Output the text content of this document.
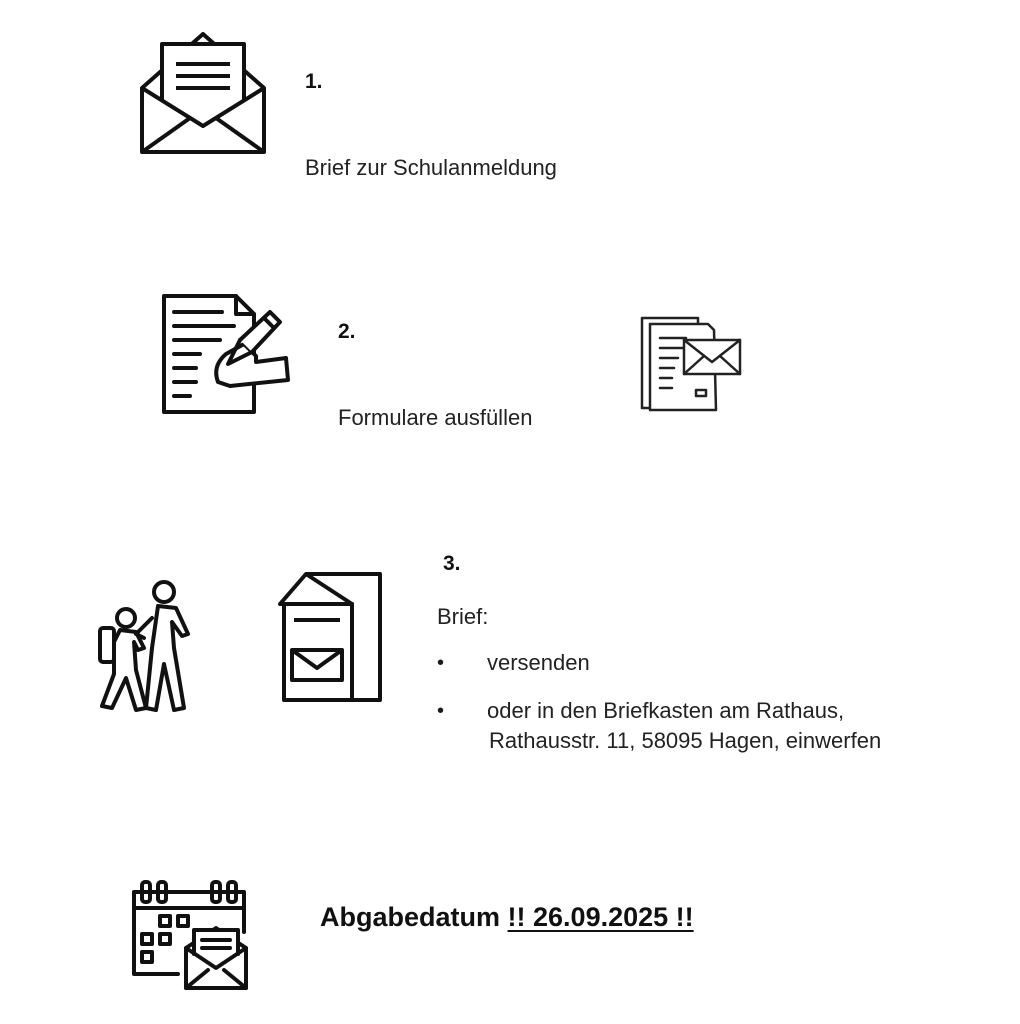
1.
Brief zur Schulanmeldung
2.
Formulare ausfüllen
3.
Brief:
•	versenden
•	oder in den Briefkasten am Rathaus,
Rathausstr. 11, 58095 Hagen, einwerfen
Abgabedatum !! 26.09.2025 !!
